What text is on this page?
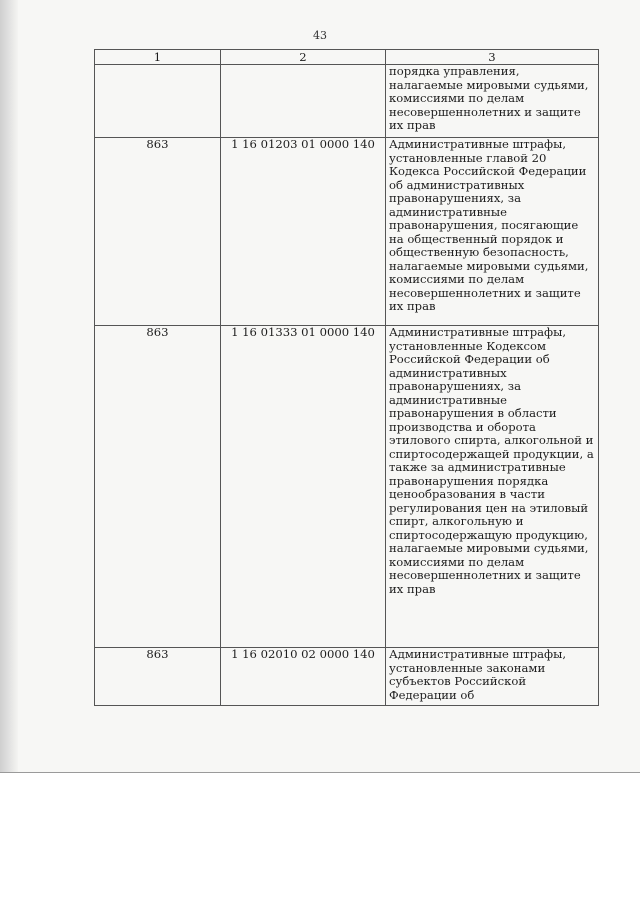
43
1	2	3
		порядка управления, налагаемые мировыми судьями, комиссиями по делам несовершеннолетних и защите их прав
863	1 16 01203 01 0000 140	Административные штрафы, установленные главой 20 Кодекса Российской Федерации об административных правонарушениях, за административные правонарушения, посягающие на общественный порядок и общественную безопасность, налагаемые мировыми судьями, комиссиями по делам несовершеннолетних и защите их прав
863	1 16 01333 01 0000 140	Административные штрафы, установленные Кодексом Российской Федерации об административных правонарушениях, за административные правонарушения в области производства и оборота этилового спирта, алкогольной и спиртосодержащей продукции, а также за административные правонарушения порядка ценообразования в части регулирования цен на этиловый спирт, алкогольную и спиртосодержащую продукцию, налагаемые мировыми судьями, комиссиями по делам несовершеннолетних и защите их прав
863	1 16 02010 02 0000 140	Административные штрафы, установленные законами субъектов Российской Федерации об
